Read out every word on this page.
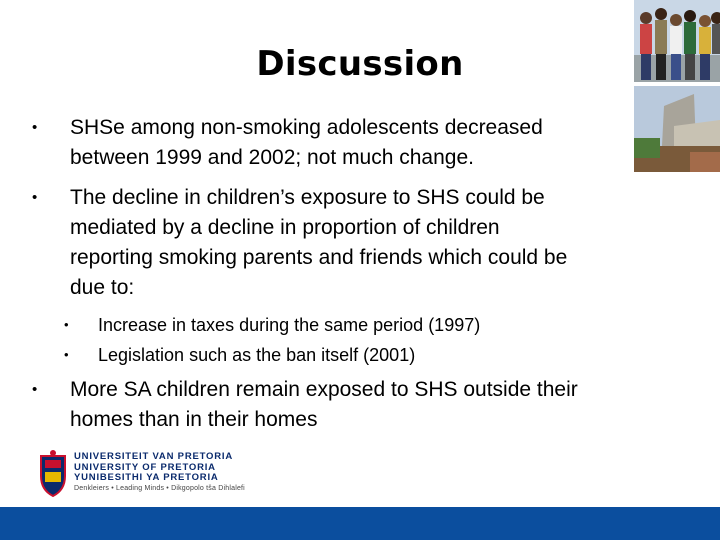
Discussion
•	SHSe among non-smoking adolescents decreased
between 1999 and 2002; not much change.
•	The decline in children’s exposure to SHS could be
mediated by a decline in proportion of children
reporting smoking parents and friends which could be
due to:
•	Increase in taxes during the same period (1997)
•	Legislation such as the ban itself (2001)
•	More SA children remain exposed to SHS outside their
homes than in their homes
UNIVERSITEIT VAN PRETORIA
UNIVERSITY OF PRETORIA
YUNIBESITHI YA PRETORIA
Denkleiers • Leading Minds • Dikgopolo tša Dihlalefi
